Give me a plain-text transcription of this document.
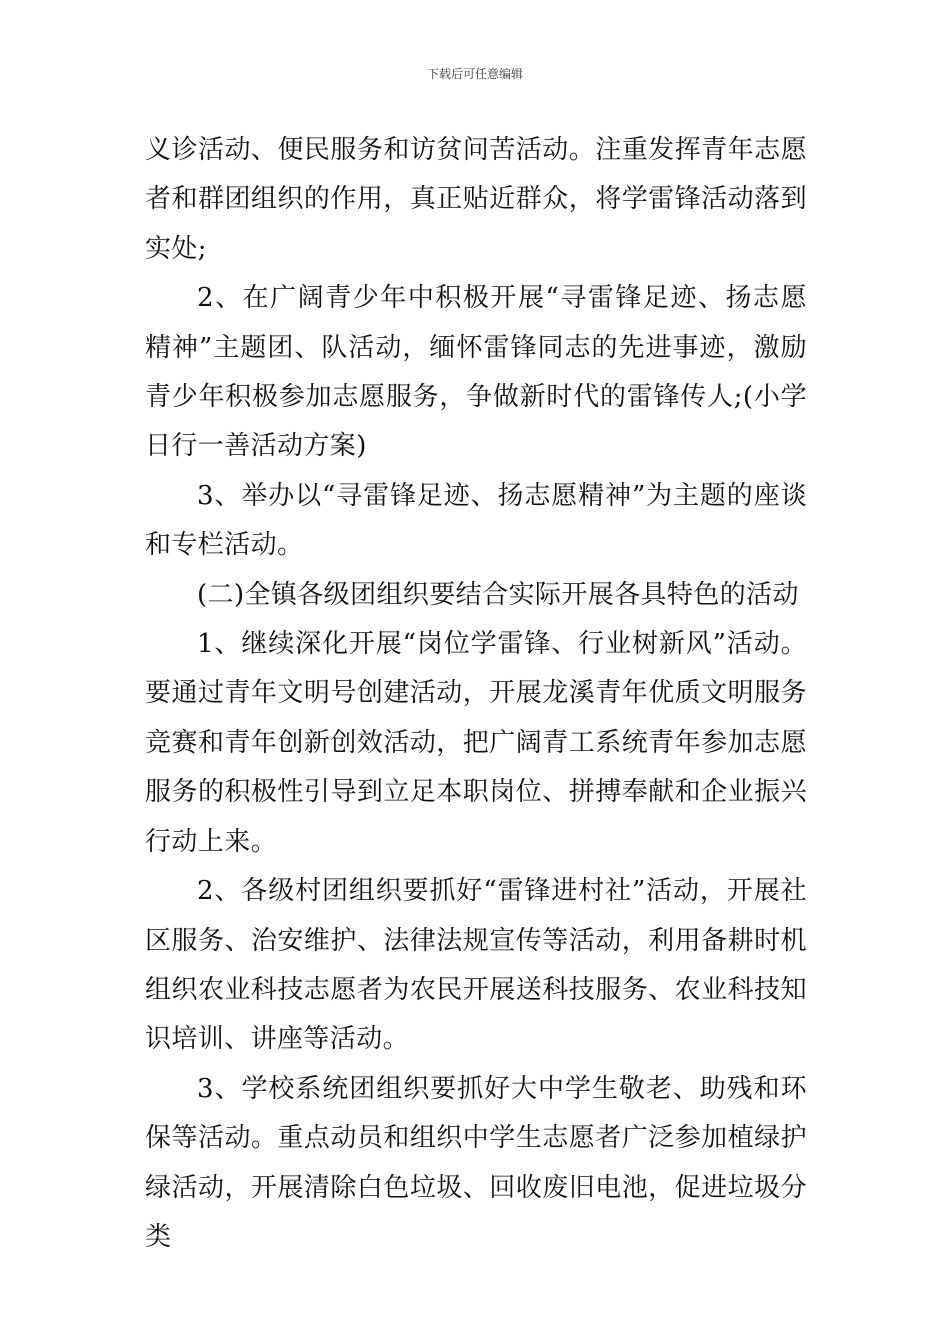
下载后可任意编辑

义诊活动、便民服务和访贫问苦活动。注重发挥青年志愿者和群团组织的作用，真正贴近群众，将学雷锋活动落到实处;

2、在广阔青少年中积极开展“寻雷锋足迹、扬志愿精神”主题团、队活动，缅怀雷锋同志的先进事迹，激励青少年积极参加志愿服务，争做新时代的雷锋传人;(小学日行一善活动方案)

3、举办以“寻雷锋足迹、扬志愿精神”为主题的座谈和专栏活动。

(二)全镇各级团组织要结合实际开展各具特色的活动

1、继续深化开展“岗位学雷锋、行业树新风”活动。要通过青年文明号创建活动，开展龙溪青年优质文明服务竞赛和青年创新创效活动，把广阔青工系统青年参加志愿服务的积极性引导到立足本职岗位、拼搏奉献和企业振兴行动上来。

2、各级村团组织要抓好“雷锋进村社”活动，开展社区服务、治安维护、法律法规宣传等活动，利用备耕时机组织农业科技志愿者为农民开展送科技服务、农业科技知识培训、讲座等活动。

3、学校系统团组织要抓好大中学生敬老、助残和环保等活动。重点动员和组织中学生志愿者广泛参加植绿护绿活动，开展清除白色垃圾、回收废旧电池，促进垃圾分类
